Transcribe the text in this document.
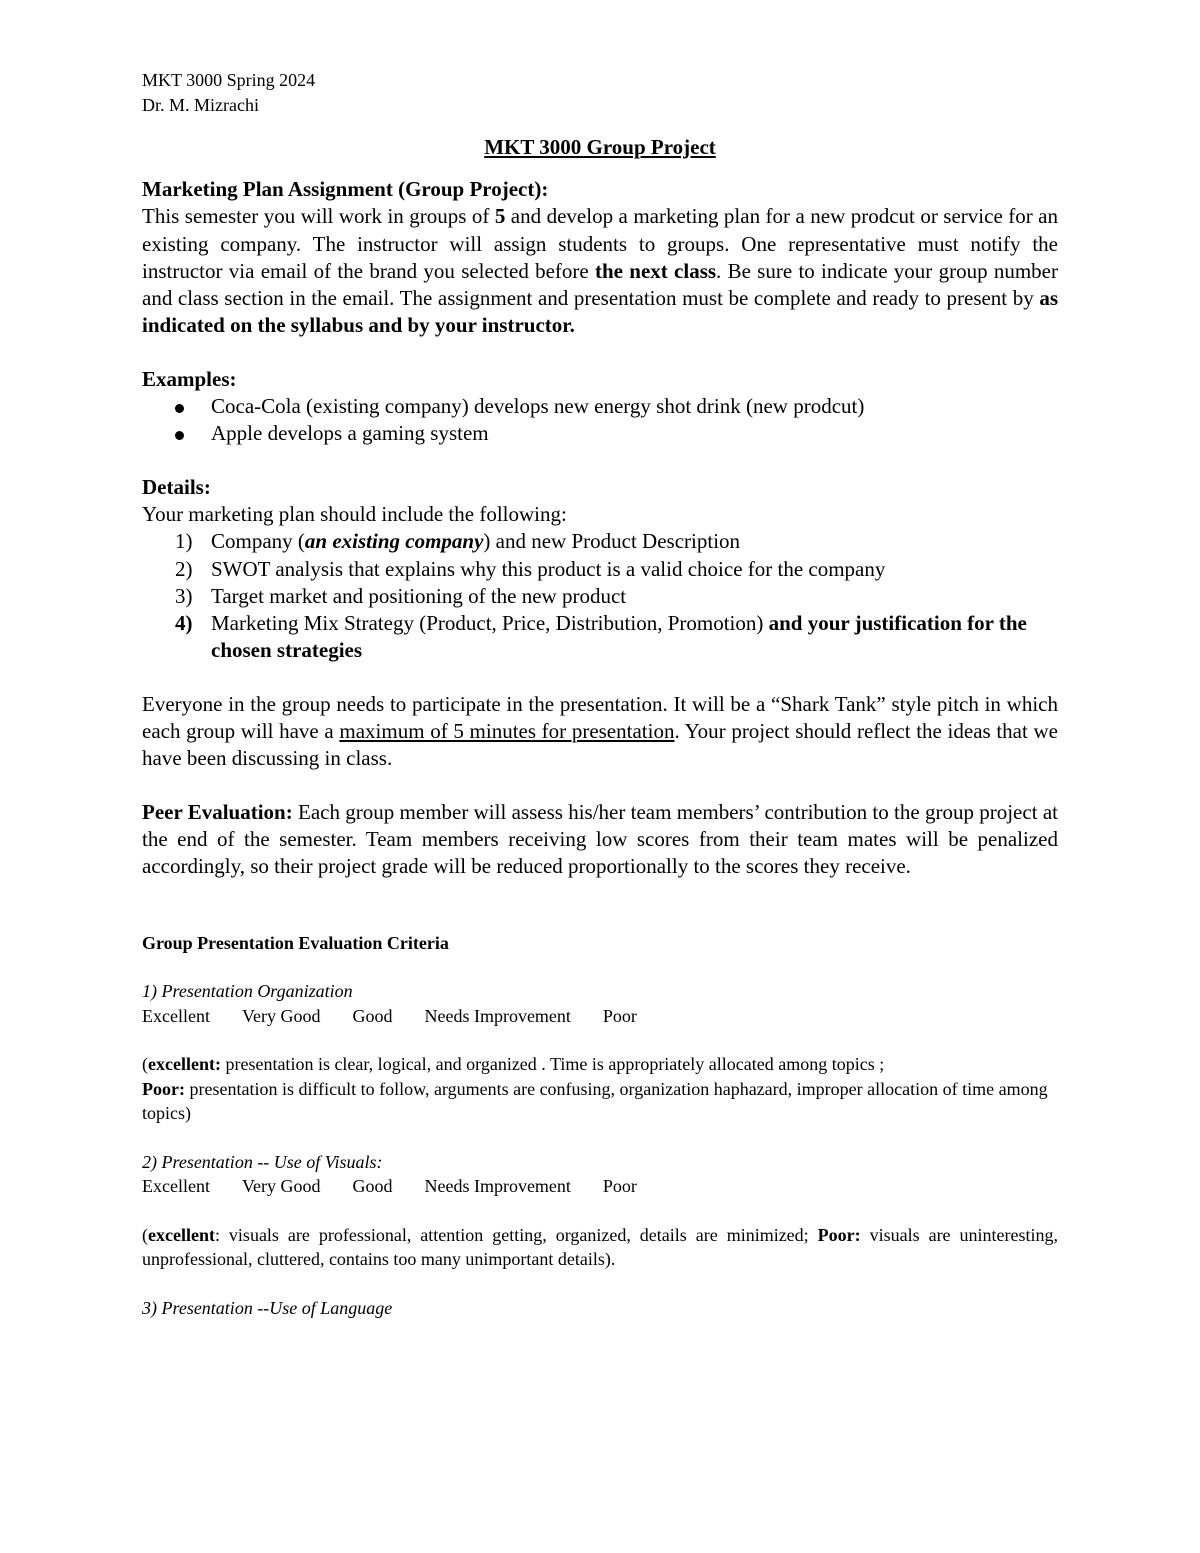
MKT 3000 Spring 2024
Dr. M. Mizrachi
MKT 3000 Group Project
Marketing Plan Assignment (Group Project):
This semester you will work in groups of 5 and develop a marketing plan for a new prodcut or service for an existing company. The instructor will assign students to groups. One representative must notify the instructor via email of the brand you selected before the next class. Be sure to indicate your group number and class section in the email. The assignment and presentation must be complete and ready to present by as indicated on the syllabus and by your instructor.
Examples:
Coca-Cola (existing company) develops new energy shot drink (new prodcut)
Apple develops a gaming system
Details:
Your marketing plan should include the following:
1) Company (an existing company) and new Product Description
2) SWOT analysis that explains why this product is a valid choice for the company
3) Target market and positioning of the new product
4) Marketing Mix Strategy (Product, Price, Distribution, Promotion) and your justification for the chosen strategies
Everyone in the group needs to participate in the presentation. It will be a “Shark Tank” style pitch in which each group will have a maximum of 5 minutes for presentation. Your project should reflect the ideas that we have been discussing in class.
Peer Evaluation: Each group member will assess his/her team members’ contribution to the group project at the end of the semester. Team members receiving low scores from their team mates will be penalized accordingly, so their project grade will be reduced proportionally to the scores they receive.
Group Presentation Evaluation Criteria
1) Presentation Organization
Excellent Very Good Good Needs Improvement Poor
(excellent: presentation is clear, logical, and organized . Time is appropriately allocated among topics ;
Poor: presentation is difficult to follow, arguments are confusing, organization haphazard, improper allocation of time among topics)
2) Presentation -- Use of Visuals:
Excellent Very Good Good Needs Improvement Poor
(excellent: visuals are professional, attention getting, organized, details are minimized; Poor: visuals are uninteresting, unprofessional, cluttered, contains too many unimportant details).
3) Presentation --Use of Language
